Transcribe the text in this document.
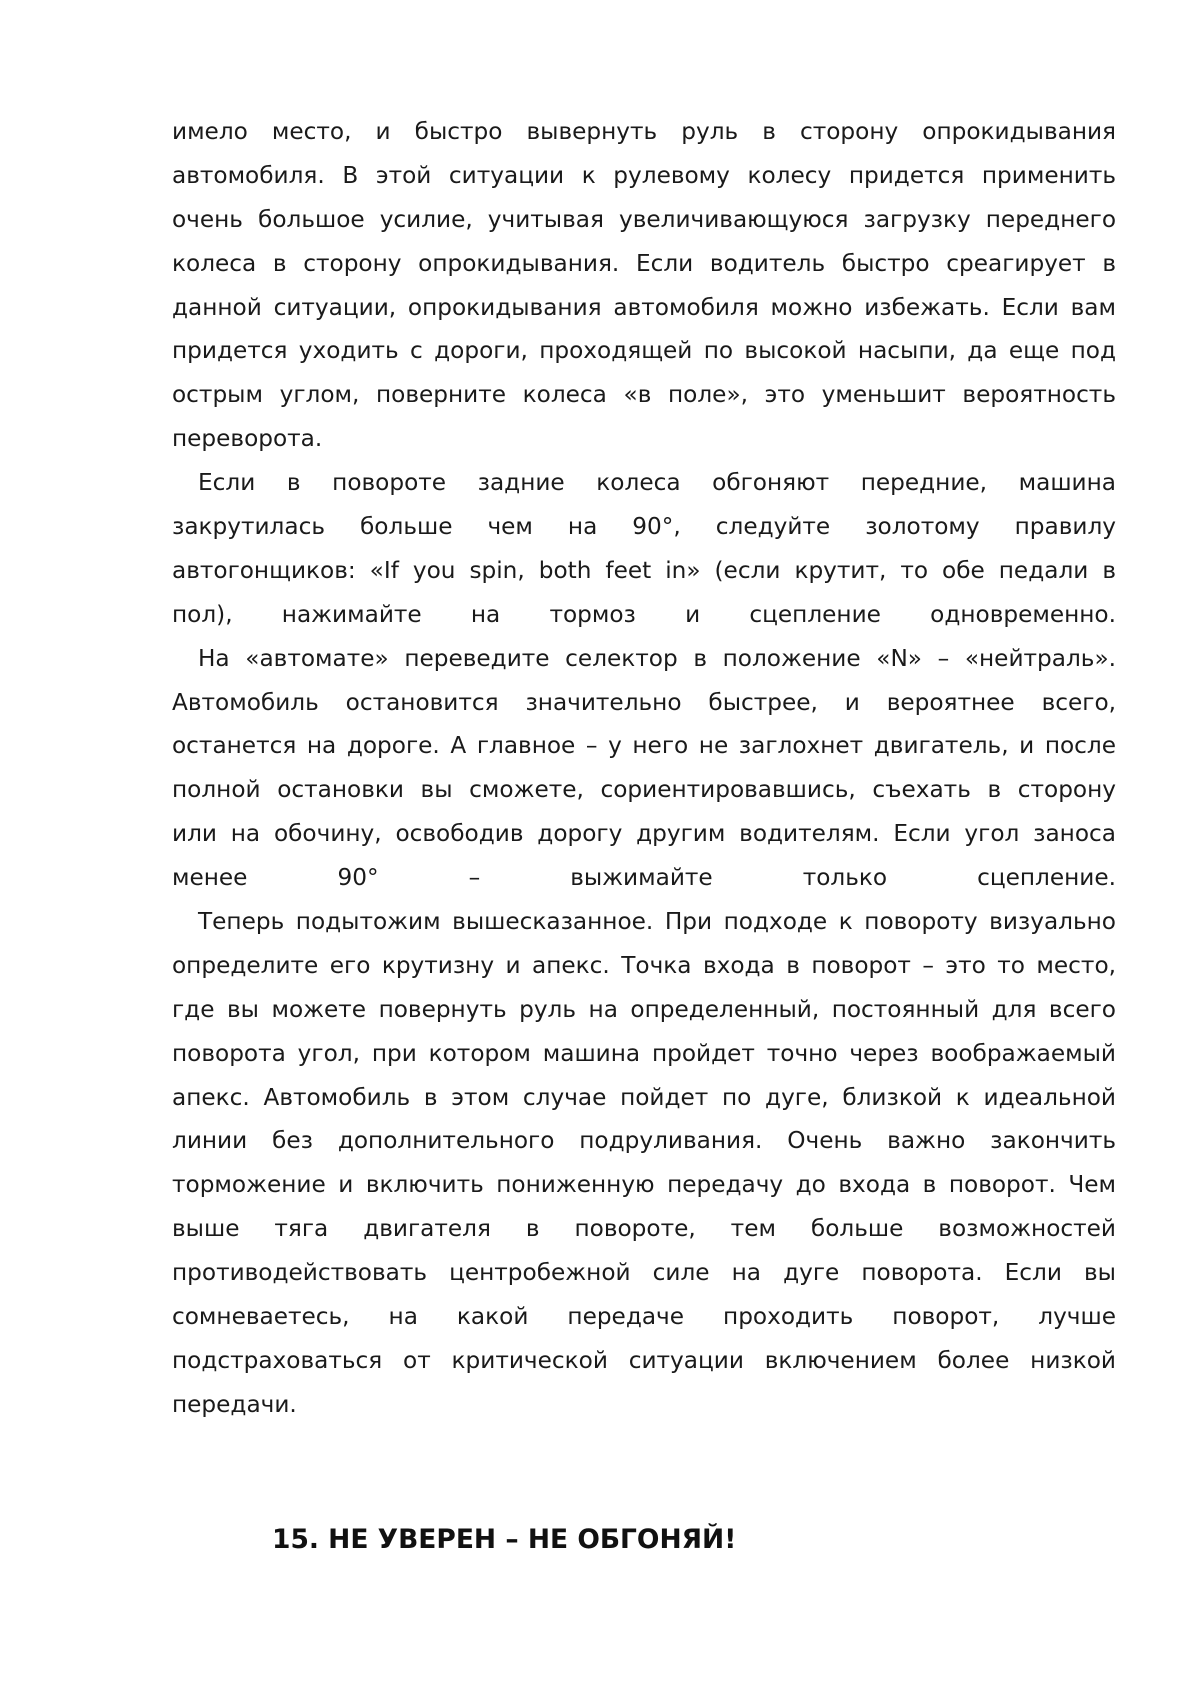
имело место, и быстро вывернуть руль в сторону опрокидывания
автомобиля. В этой ситуации к рулевому колесу придется применить
очень большое усилие, учитывая увеличивающуюся загрузку переднего
колеса в сторону опрокидывания. Если водитель быстро среагирует в
данной ситуации, опрокидывания автомобиля можно избежать. Если вам
придется уходить с дороги, проходящей по высокой насыпи, да еще под
острым углом, поверните колеса «в поле», это уменьшит вероятность
переворота.
Если в повороте задние колеса обгоняют передние, машина
закрутилась больше чем на 90°, следуйте золотому правилу
автогонщиков: «If you spin, both feet in» (если крутит, то обе педали в
пол), нажимайте на тормоз и сцепление одновременно.
На «автомате» переведите селектор в положение «N» – «нейтраль».
Автомобиль остановится значительно быстрее, и вероятнее всего,
останется на дороге. А главное – у него не заглохнет двигатель, и после
полной остановки вы сможете, сориентировавшись, съехать в сторону
или на обочину, освободив дорогу другим водителям. Если угол заноса
менее 90° – выжимайте только сцепление.
Теперь подытожим вышесказанное. При подходе к повороту визуально
определите его крутизну и апекс. Точка входа в поворот – это то место,
где вы можете повернуть руль на определенный, постоянный для всего
поворота угол, при котором машина пройдет точно через воображаемый
апекс. Автомобиль в этом случае пойдет по дуге, близкой к идеальной
линии без дополнительного подруливания. Очень важно закончить
торможение и включить пониженную передачу до входа в поворот. Чем
выше тяга двигателя в повороте, тем больше возможностей
противодействовать центробежной силе на дуге поворота. Если вы
сомневаетесь, на какой передаче проходить поворот, лучше
подстраховаться от критической ситуации включением более низкой
передачи.
15. НЕ УВЕРЕН – НЕ ОБГОНЯЙ!
